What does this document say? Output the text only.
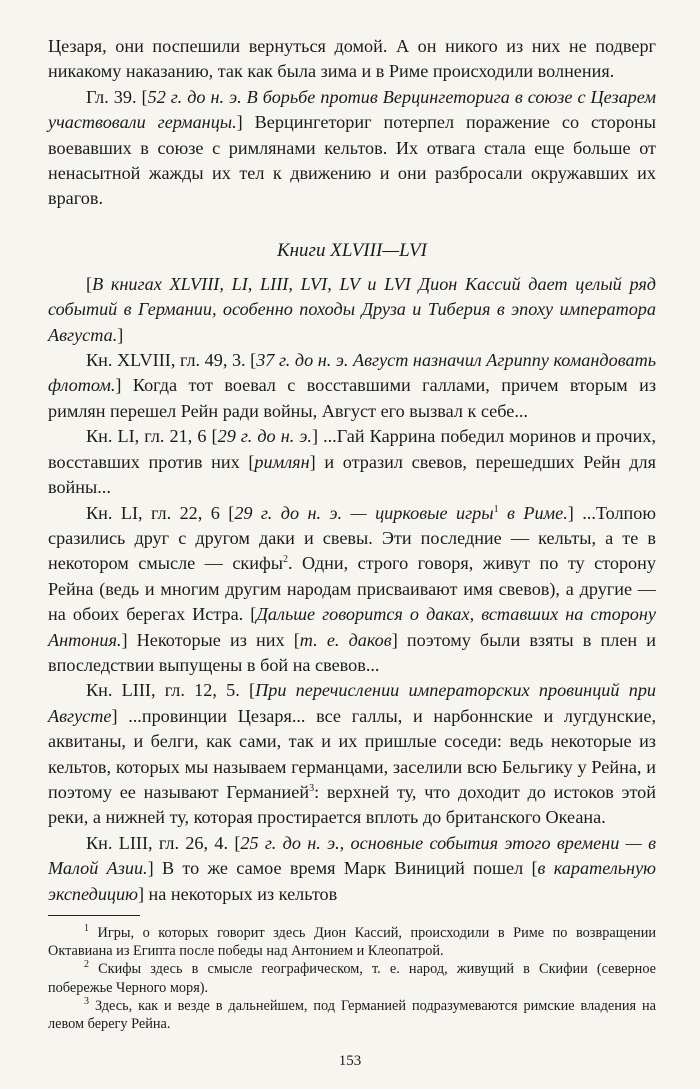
Цезаря, они поспешили вернуться домой. А он никого из них не подверг никакому наказанию, так как была зима и в Риме происходили волнения.

Гл. 39. [52 г. до н. э. В борьбе против Верцингеторига в союзе с Цезарем участвовали германцы.] Верцингеториг потерпел поражение со стороны воевавших в союзе с римлянами кельтов. Их отвага стала еще больше от ненасытной жажды их тел к движению и они разбросали окружавших их врагов.

Книги XLVIII—LVI

[В книгах XLVIII, LI, LIII, LVI, LV и LVI Дион Кассий дает целый ряд событий в Германии, особенно походы Друза и Тиберия в эпоху императора Августа.]

Кн. XLVIII, гл. 49, 3. [37 г. до н. э. Август назначил Агриппу командовать флотом.] Когда тот воевал с восставшими галлами, причем вторым из римлян перешел Рейн ради войны, Август его вызвал к себе...

Кн. LI, гл. 21, 6 [29 г. до н. э.] ...Гай Каррина победил моринов и прочих, восставших против них [римлян] и отразил свевов, перешедших Рейн для войны...

Кн. LI, гл. 22, 6 [29 г. до н. э. — цирковые игры$^1$ в Риме.] ...Толпою сразились друг с другом даки и свевы. Эти последние — кельты, а те в некотором смысле — скифы$^2$. Одни, строго говоря, живут по ту сторону Рейна (ведь и многим другим народам присваивают имя свевов), а другие — на обоих берегах Истра. [Дальше говорится о даках, вставших на сторону Антония.] Некоторые из них [т. е. даков] поэтому были взяты в плен и впоследствии выпущены в бой на свевов...

Кн. LIII, гл. 12, 5. [При перечислении императорских провинций при Августе] ...провинции Цезаря... все галлы, и нарбоннские и лугдунские, аквитаны, и белги, как сами, так и их пришлые соседи: ведь некоторые из кельтов, которых мы называем германцами, заселили всю Бельгику у Рейна, и поэтому ее называют Германией$^3$: верхней ту, что доходит до истоков этой реки, а нижней ту, которая простирается вплоть до британского Океана.

Кн. LIII, гл. 26, 4. [25 г. до н. э., основные события этого времени — в Малой Азии.] В то же самое время Марк Виниций пошел [в карательную экспедицию] на некоторых из кельтов

$^1$ Игры, о которых говорит здесь Дион Кассий, происходили в Риме по возвращении Октавиана из Египта после победы над Антонием и Клеопатрой.

$^2$ Скифы здесь в смысле географическом, т. е. народ, живущий в Скифии (северное побережье Черного моря).

$^3$ Здесь, как и везде в дальнейшем, под Германией подразумеваются римские владения на левом берегу Рейна.

153
